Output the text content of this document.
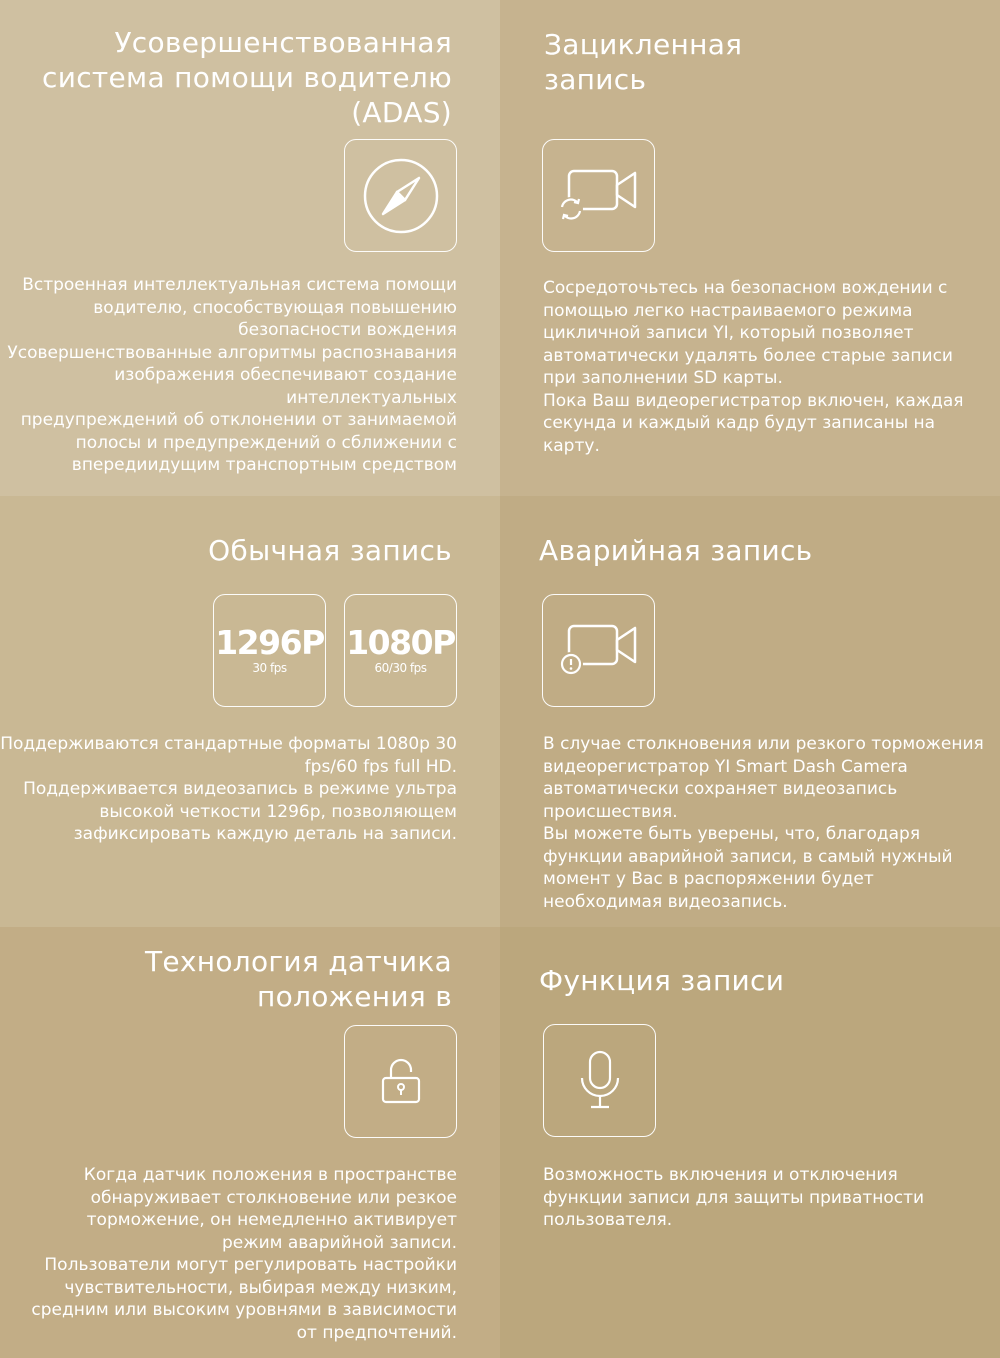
Усовершенствованная
система помощи водителю
(ADAS)

Встроенная интеллектуальная система помощи

водителю, способствующая повышению

безопасности вождения

Усовершенствованные алгоритмы распознавания

изображения обеспечивают создание

интеллектуальных

предупреждений об отклонении от занимаемой

полосы и предупреждений о сближении с

впередиидущим транспортным средством

Зацикленная
запись

Сосредоточьтесь на безопасном вождении с

помощью легко настраиваемого режима

цикличной записи YI, который позволяет

автоматически удалять более старые записи

при заполнении SD карты.

Пока Ваш видеорегистратор включен, каждая

секунда и каждый кадр будут записаны на

карту.

Обычная запись
1296P
30 fps
1080P
60/30 fps

Поддерживаются стандартные форматы 1080p 30

fps/60 fps full HD.

Поддерживается видеозапись в режиме ультра

высокой четкости 1296p, позволяющем

зафиксировать каждую деталь на записи.

Аварийная запись

В случае столкновения или резкого торможения

видеорегистратор YI Smart Dash Camera

автоматически сохраняет видеозапись

происшествия.

Вы можете быть уверены, что, благодаря

функции аварийной записи, в самый нужный

момент у Вас в распоряжении будет

необходимая видеозапись.

Технология датчика
положения в

Когда датчик положения в пространстве

обнаруживает столкновение или резкое

торможение, он немедленно активирует

режим аварийной записи.

Пользователи могут регулировать настройки

чувствительности, выбирая между низким,

средним или высоким уровнями в зависимости

от предпочтений.

Функция записи

Возможность включения и отключения

функции записи для защиты приватности

пользователя.
